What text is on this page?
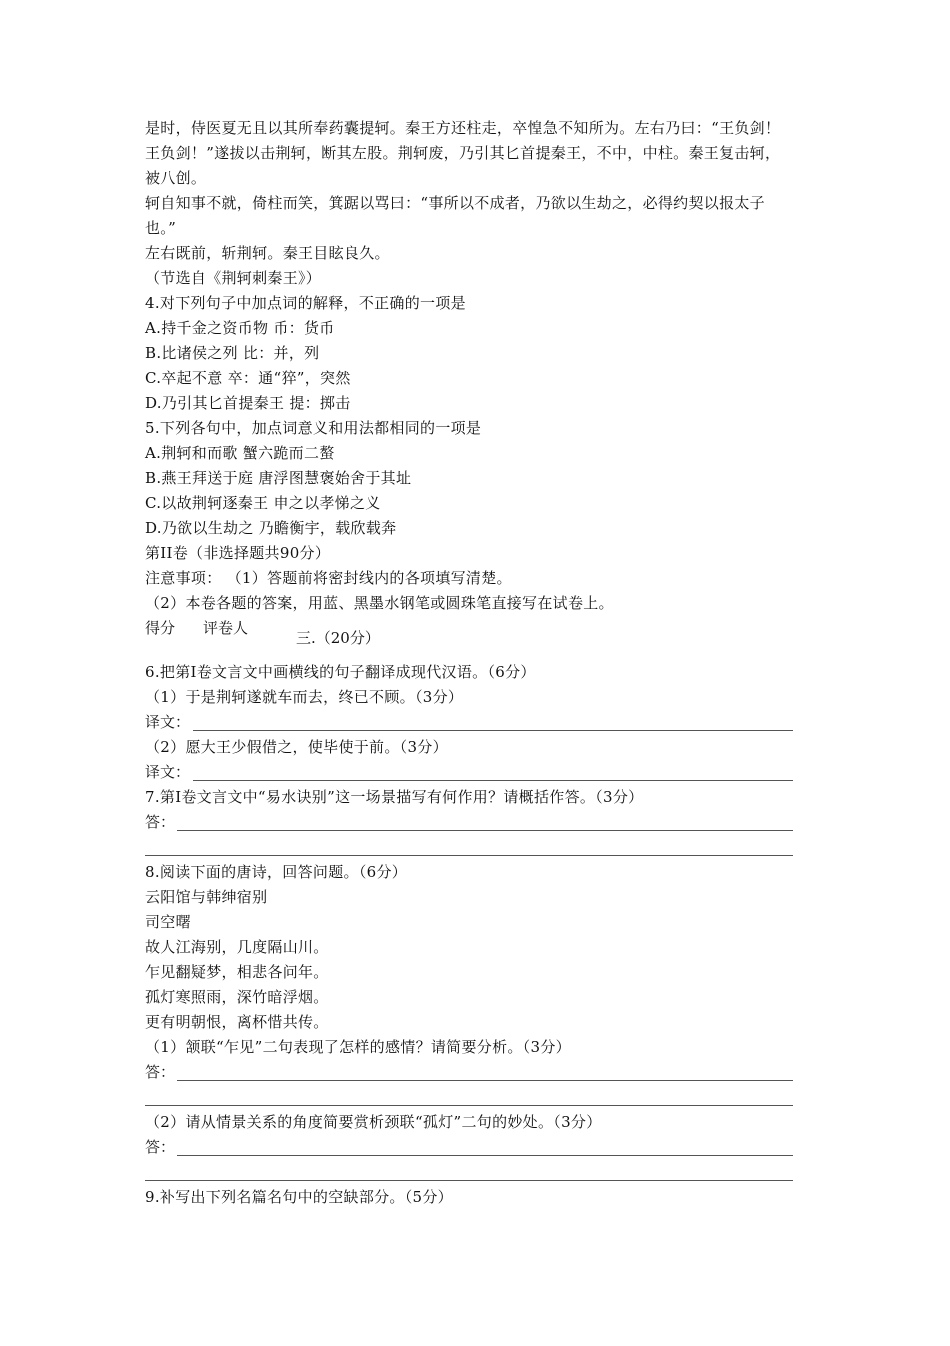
是时，侍医夏无且以其所奉药囊提轲。秦王方还柱走，卒惶急不知所为。左右乃曰：“王负剑！
王负剑！”遂拔以击荆轲，断其左股。荆轲废，乃引其匕首提秦王，不中，中柱。秦王复击轲，
被八创。
轲自知事不就，倚柱而笑，箕踞以骂曰：“事所以不成者，乃欲以生劫之，必得约契以报太子
也。”
左右既前，斩荆轲。秦王目眩良久。
（节选自《荆轲刺秦王》）
4.对下列句子中加点词的解释，不正确的一项是
A.持千金之资币物 币：货币
B.比诸侯之列 比：并，列
C.卒起不意 卒：通“猝”，突然
D.乃引其匕首提秦王 提：掷击
5.下列各句中，加点词意义和用法都相同的一项是
A.荆轲和而歌 蟹六跪而二螯
B.燕王拜送于庭 唐浮图慧褒始舍于其址
C.以故荆轲逐秦王 申之以孝悌之义
D.乃欲以生劫之 乃瞻衡宇，载欣载奔
第II卷（非选择题共90分）
注意事项： （1）答题前将密封线内的各项填写清楚。
（2）本卷各题的答案，用蓝、黑墨水钢笔或圆珠笔直接写在试卷上。
得分 评卷人
三.（20分）
6.把第I卷文言文中画横线的句子翻译成现代汉语。（6分）
（1）于是荆轲遂就车而去，终已不顾。（3分）
译文：
（2）愿大王少假借之，使毕使于前。（3分）
译文：
7.第I卷文言文中“易水诀别”这一场景描写有何作用？请概括作答。（3分）
答：
8.阅读下面的唐诗，回答问题。（6分）
云阳馆与韩绅宿别
司空曙
故人江海别，几度隔山川。
乍见翻疑梦，相悲各问年。
孤灯寒照雨，深竹暗浮烟。
更有明朝恨，离杯惜共传。
（1）颔联“乍见”二句表现了怎样的感情？请简要分析。（3分）
答：
（2）请从情景关系的角度简要赏析颈联“孤灯”二句的妙处。（3分）
答：
9.补写出下列名篇名句中的空缺部分。（5分）
